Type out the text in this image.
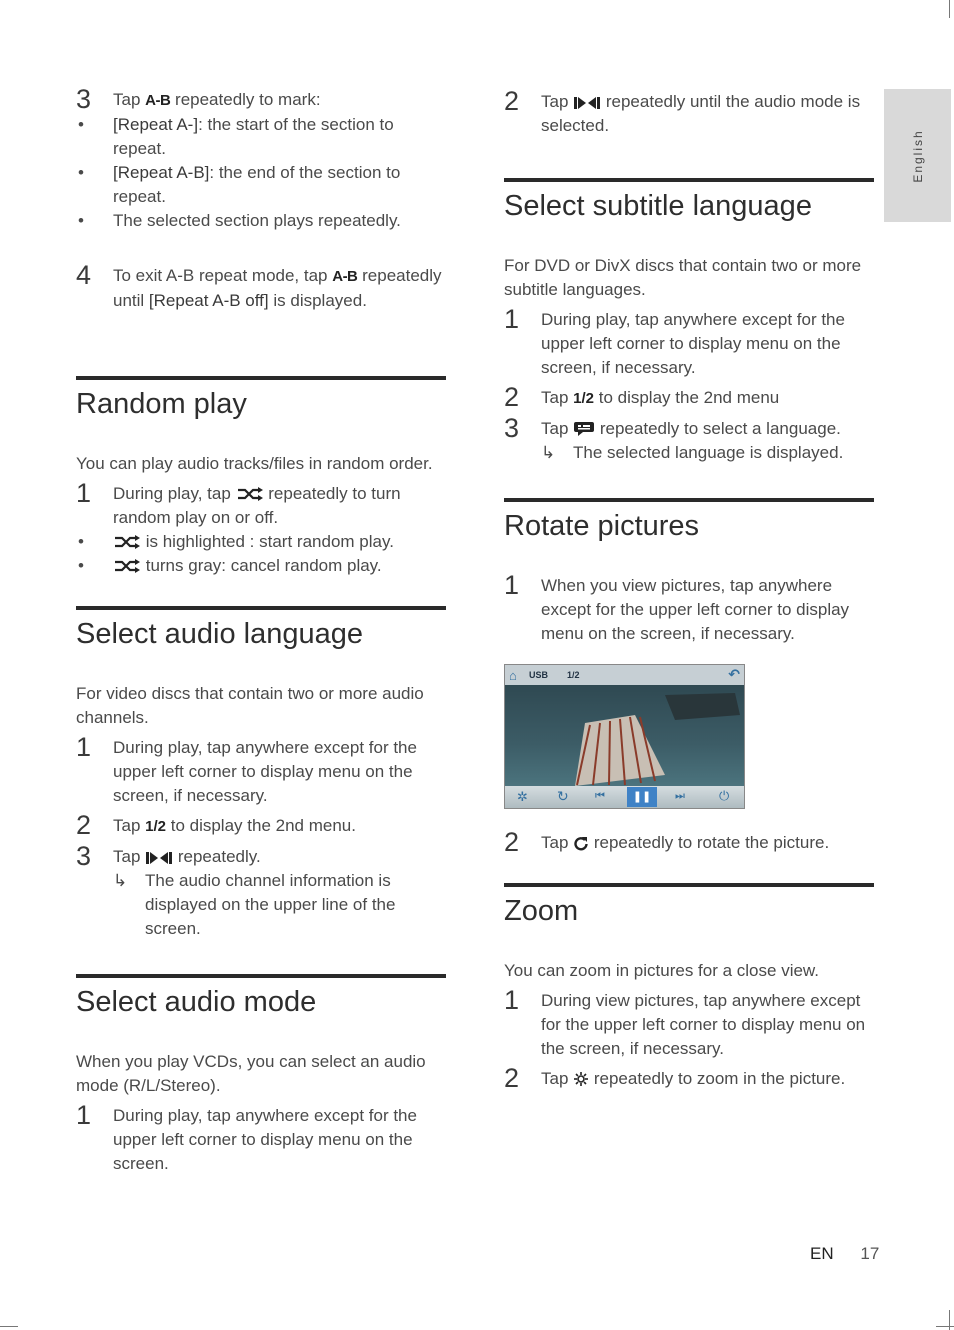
English
3 Tap A-B repeatedly to mark:
•	[Repeat A-]: the start of the section to repeat.
•	[Repeat A-B]: the end of the section to repeat.
•	The selected section plays repeatedly.
4 To exit A-B repeat mode, tap A-B repeatedly until [Repeat A-B off] is displayed.
Random play

You can play audio tracks/files in random order.

1 During play, tap  repeatedly to turn random play on or off.
•	is highlighted : start random play.
•	turns gray: cancel random play.
Select audio language

For video discs that contain two or more audio channels.

1 During play, tap anywhere except for the upper left corner to display menu on the screen, if necessary.
2 Tap 1/2 to display the 2nd menu.
3 Tap  repeatedly.
↳ The audio channel information is displayed on the upper line of the screen.
Select audio mode

When you play VCDs, you can select an audio mode (R/L/Stereo).

1 During play, tap anywhere except for the upper left corner to display menu on the screen.
2 Tap  repeatedly until the audio mode is selected.
Select subtitle language

For DVD or DivX discs that contain two or more subtitle languages.

1 During play, tap anywhere except for the upper left corner to display menu on the screen, if necessary.
2 Tap 1/2 to display the 2nd menu
3 Tap  repeatedly to select a language.
↳ The selected language is displayed.
Rotate pictures
1 When you view pictures, tap anywhere except for the upper left corner to display menu on the screen, if necessary.
⌂ USB 1/2	↶
✲ ↻ ⏮	❚❚	⏭	⏻
2 Tap  repeatedly to rotate the picture.
Zoom

You can zoom in pictures for a close view.

1 During view pictures, tap anywhere except for the upper left corner to display menu on the screen, if necessary.
2 Tap  repeatedly to zoom in the picture.
EN 17
